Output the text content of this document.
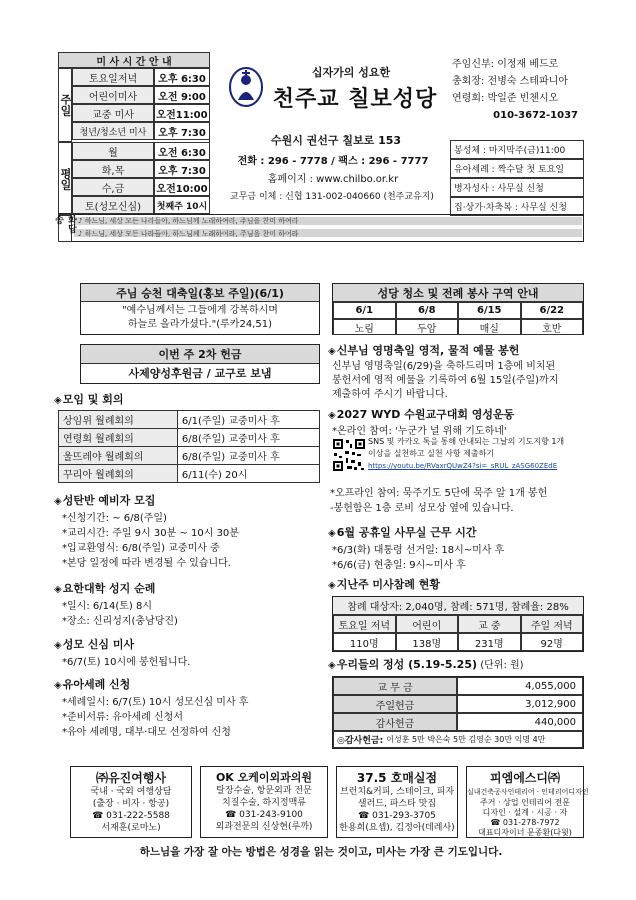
미 사 시 간 안 내
주일
평일
토요일저녁	오후 6:30
어린이미사	오전 9:00
교중 미사	오전11:00
청년/청소년 미사	오후 7:30
월	오전 6:30
화,목	오후 7:30
수,금	오전10:00
토(성모신심)	첫째주 10시
십자가의 성요한
천주교 칠보성당
수원시 권선구 칠보로 153
전화 : 296 - 7778 / 팩스 : 296 - 7777
홈페이지 : www.chilbo.or.kr
교무금 이체 : 신협 131-002-040660 (천주교유지)
주임신부: 이정재 베드로
총회장: 전병숙 스테파니아
연령회: 박일준 빈첸시오
010-3672-1037
봉성체 : 마지막주(금)11:00
유아세례 : 짝수달 첫 토요일
병자성사 : 사무실 신청
집·상가·차축복 : 사무실 신청
화답송	♪ 하느님, 세상 모든 나라들아, 하느님께 노래하여라, 주님을 찬미 하여라
♪ 하느님, 세상 모든 나라들아, 하느님께 노래하여라, 주님을 찬미 하여라
주님 승천 대축일(홍보 주일)(6/1)
"예수님께서는 그들에게 강복하시며
하늘로 올라가셨다."(루카24,51)
이번 주 2차 헌금
사제양성후원금 / 교구로 보냄
◈모임 및 회의
상임위 월례회의	6/1(주일) 교중미사 후
연령회 월례회의	6/8(주일) 교중미사 후
울뜨레야 월례회의	6/8(주일) 교중미사 후
꾸리아 월례회의	6/11(수) 20시
◈성탄반 예비자 모집
*신청기간: ~ 6/8(주일)
*교리시간: 주일 9시 30분 ~ 10시 30분
*입교환영식: 6/8(주일) 교중미사 중
*본당 일정에 따라 변경될 수 있습니다.
◈요한대학 성지 순례
*일시: 6/14(토) 8시
*장소: 신리성지(충남당진)
◈성모 신심 미사
*6/7(토) 10시에 봉헌됩니다.
◈유아세례 신청
*세례일시: 6/7(토) 10시 성모신심 미사 후
*준비서류: 유아세례 신청서
*유아 세례명, 대부·대모 선정하여 신청
성당 청소 및 전례 봉사 구역 안내
6/1	6/8	6/15	6/22
노림	두암	매실	호반
◈신부님 영명축일 영적, 물적 예물 봉헌
신부님 영명축일(6/29)을 축하드리며 1층에 비치된
봉헌서에 영적 예물을 기록하여 6월 15일(주일)까지
제출하여 주시기 바랍니다.
◈2027 WYD 수원교구대회 영성운동
*온라인 참여: '누군가 널 위해 기도하네'
SNS 및 카카오 톡을 통해 안내되는 그날의 기도지향 1개
이상을 실천하고 실천 사항 제출하기
https://youtu.be/RVaxrQUwZ4?si=_sRUL_zASG60ZEdE
*오프라인 참여: 묵주기도 5단에 묵주 알 1개 봉헌
-봉헌함은 1층 로비 성모상 옆에 있습니다.
◈6월 공휴일 사무실 근무 시간
*6/3(화) 대통령 선거일: 18시~미사 후
*6/6(금) 현충일: 9시~미사 후
◈지난주 미사참례 현황
참례 대상자: 2,040명, 참례: 571명, 참례율: 28%
토요일 저녁	어린이	교 중	주일 저녁
110명	138명	231명	92명
◈우리들의 정성 (5.19-5.25) (단위: 원)
교 무 금	4,055,000
주일헌금	3,012,900
감사헌금	440,000
◎감사헌금: 이성훈 5만 박은숙 5만 김영순 30만 익명 4만
㈜유진여행사
국내 · 국외 여행상담
(출장 · 비자 · 항공)
☎ 031-222-5588
서재훈(로마노)
OK 오케이외과의원
탈장수술, 항문외과 전문
치질수술, 하지정맥류
☎ 031-243-9100
외과전문의 신상현(루까)
37.5 호매실점
브런치&커피, 스테이크, 피자
샐러드, 파스타 맛집
☎ 031-293-3705
한용희(요셉), 김정아(데레사)
피엠에스디㈜
실내건축공사인테리어 · 인테리어디자인
주거 · 상업 인테리어 전문
디자인 · 설계 · 시공 · 자
☎ 031-278-7972
대표디자이너 문종환(다윗)
하느님을 가장 잘 아는 방법은 성경을 읽는 것이고, 미사는 가장 큰 기도입니다.
